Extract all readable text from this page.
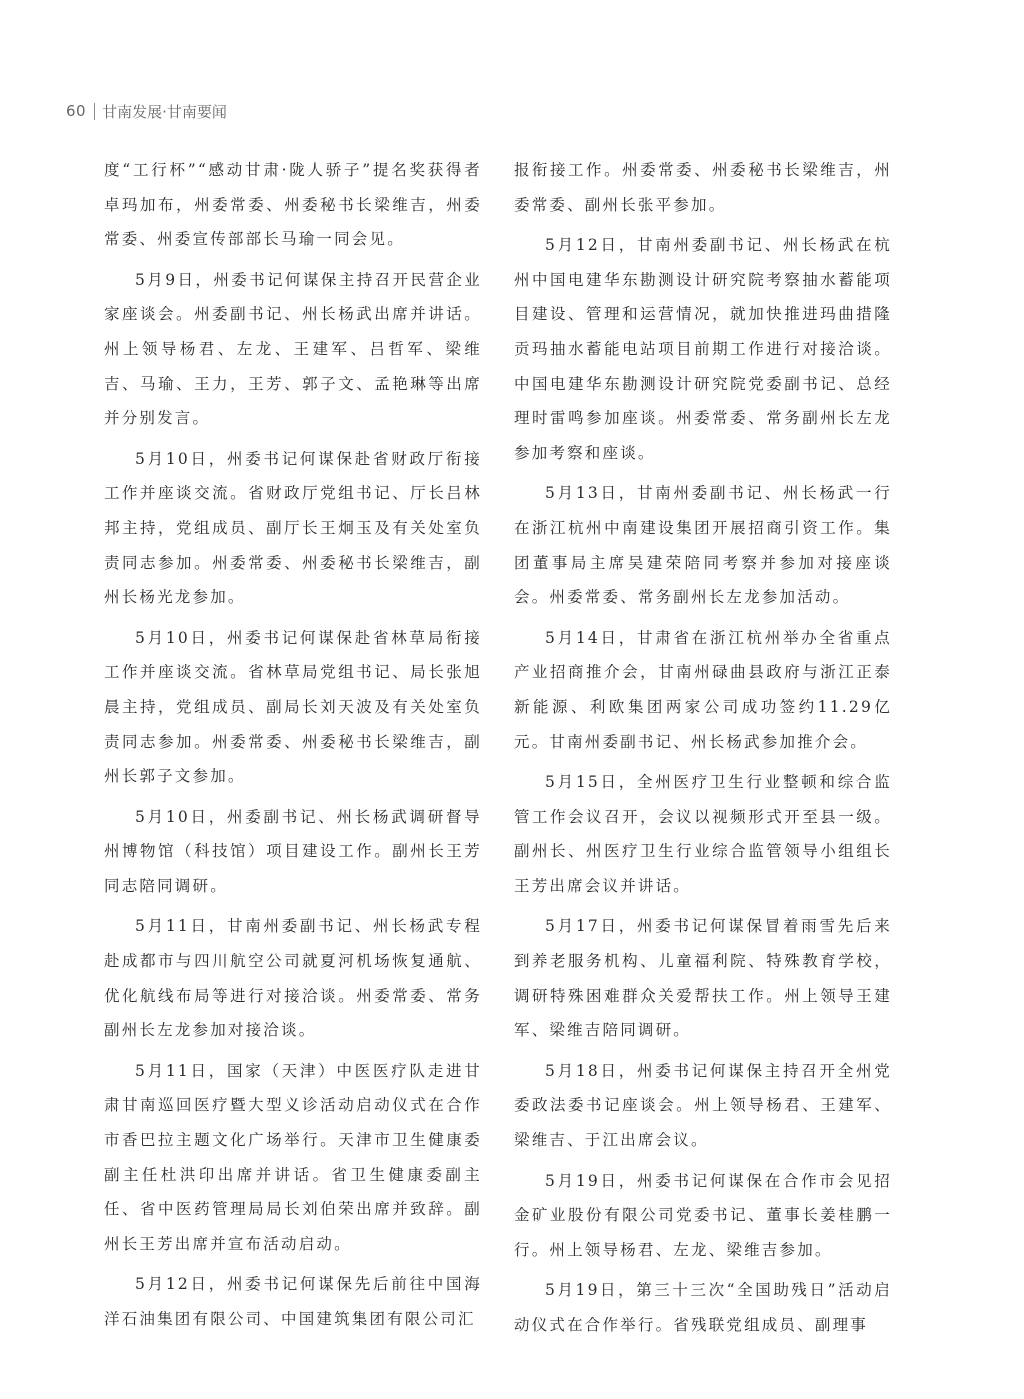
60 甘南发展·甘南要闻

度“工行杯”“感动甘肃·陇人骄子”提名奖获得者卓玛加布，州委常委、州委秘书长梁维吉，州委常委、州委宣传部部长马瑜一同会见。

5月9日，州委书记何谋保主持召开民营企业家座谈会。州委副书记、州长杨武出席并讲话。州上领导杨君、左龙、王建军、吕哲军、梁维吉、马瑜、王力，王芳、郭子文、孟艳琳等出席并分别发言。

5月10日，州委书记何谋保赴省财政厅衔接工作并座谈交流。省财政厅党组书记、厅长吕林邦主持，党组成员、副厅长王炯玉及有关处室负责同志参加。州委常委、州委秘书长梁维吉，副州长杨光龙参加。

5月10日，州委书记何谋保赴省林草局衔接工作并座谈交流。省林草局党组书记、局长张旭晨主持，党组成员、副局长刘天波及有关处室负责同志参加。州委常委、州委秘书长梁维吉，副州长郭子文参加。

5月10日，州委副书记、州长杨武调研督导州博物馆（科技馆）项目建设工作。副州长王芳同志陪同调研。

5月11日，甘南州委副书记、州长杨武专程赴成都市与四川航空公司就夏河机场恢复通航、优化航线布局等进行对接洽谈。州委常委、常务副州长左龙参加对接洽谈。

5月11日，国家（天津）中医医疗队走进甘肃甘南巡回医疗暨大型义诊活动启动仪式在合作市香巴拉主题文化广场举行。天津市卫生健康委副主任杜洪印出席并讲话。省卫生健康委副主任、省中医药管理局局长刘伯荣出席并致辞。副州长王芳出席并宣布活动启动。

5月12日，州委书记何谋保先后前往中国海洋石油集团有限公司、中国建筑集团有限公司汇

报衔接工作。州委常委、州委秘书长梁维吉，州委常委、副州长张平参加。

5月12日，甘南州委副书记、州长杨武在杭州中国电建华东勘测设计研究院考察抽水蓄能项目建设、管理和运营情况，就加快推进玛曲措隆贡玛抽水蓄能电站项目前期工作进行对接洽谈。中国电建华东勘测设计研究院党委副书记、总经理时雷鸣参加座谈。州委常委、常务副州长左龙参加考察和座谈。

5月13日，甘南州委副书记、州长杨武一行在浙江杭州中南建设集团开展招商引资工作。集团董事局主席吴建荣陪同考察并参加对接座谈会。州委常委、常务副州长左龙参加活动。

5月14日，甘肃省在浙江杭州举办全省重点产业招商推介会，甘南州碌曲县政府与浙江正泰新能源、利欧集团两家公司成功签约11.29亿元。甘南州委副书记、州长杨武参加推介会。

5月15日，全州医疗卫生行业整顿和综合监管工作会议召开，会议以视频形式开至县一级。副州长、州医疗卫生行业综合监管领导小组组长王芳出席会议并讲话。

5月17日，州委书记何谋保冒着雨雪先后来到养老服务机构、儿童福利院、特殊教育学校，调研特殊困难群众关爱帮扶工作。州上领导王建军、梁维吉陪同调研。

5月18日，州委书记何谋保主持召开全州党委政法委书记座谈会。州上领导杨君、王建军、梁维吉、于江出席会议。

5月19日，州委书记何谋保在合作市会见招金矿业股份有限公司党委书记、董事长姜桂鹏一行。州上领导杨君、左龙、梁维吉参加。

5月19日，第三十三次“全国助残日”活动启动仪式在合作举行。省残联党组成员、副理事
